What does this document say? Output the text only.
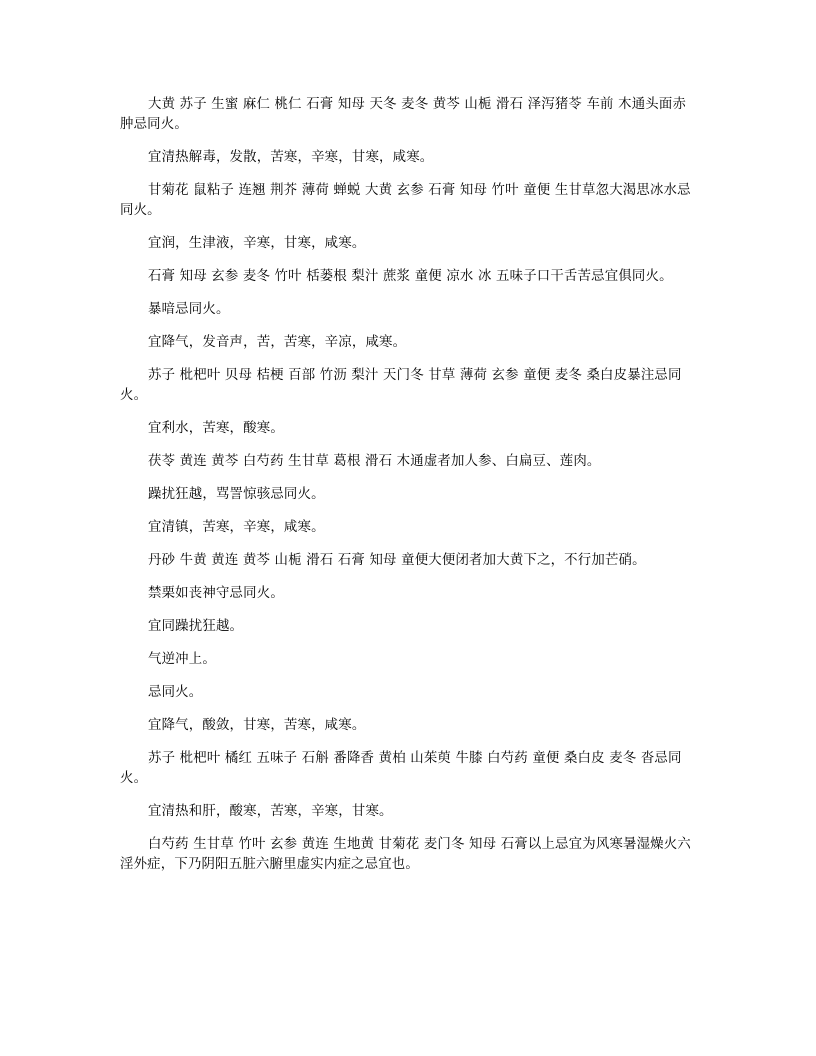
大黄 苏子 生蜜 麻仁 桃仁 石膏 知母 天冬 麦冬 黄芩 山栀 滑石 泽泻猪苓 车前 木通头面赤肿忌同火。

宜清热解毒，发散，苦寒，辛寒，甘寒，咸寒。

甘菊花 鼠粘子 连翘 荆芥 薄荷 蝉蜕 大黄 玄参 石膏 知母 竹叶 童便 生甘草忽大渴思冰水忌同火。

宜润，生津液，辛寒，甘寒，咸寒。

石膏 知母 玄参 麦冬 竹叶 栝蒌根 梨汁 蔗浆 童便 凉水 冰 五味子口干舌苦忌宜俱同火。

暴喑忌同火。

宜降气，发音声，苦，苦寒，辛凉，咸寒。

苏子 枇杷叶 贝母 桔梗 百部 竹沥 梨汁 天门冬 甘草 薄荷 玄参 童便 麦冬 桑白皮暴注忌同火。

宜利水，苦寒，酸寒。

茯苓 黄连 黄芩 白芍药 生甘草 葛根 滑石 木通虚者加人参、白扁豆、莲肉。

躁扰狂越，骂詈惊骇忌同火。

宜清镇，苦寒，辛寒，咸寒。

丹砂 牛黄 黄连 黄芩 山栀 滑石 石膏 知母 童便大便闭者加大黄下之，不行加芒硝。

禁栗如丧神守忌同火。

宜同躁扰狂越。

气逆冲上。

忌同火。

宜降气，酸敛，甘寒，苦寒，咸寒。

苏子 枇杷叶 橘红 五味子 石斛 番降香 黄柏 山茱萸 牛膝 白芍药 童便 桑白皮 麦冬 沓忌同火。

宜清热和肝，酸寒，苦寒，辛寒，甘寒。

白芍药 生甘草 竹叶 玄参 黄连 生地黄 甘菊花 麦门冬 知母 石膏以上忌宜为风寒暑湿燥火六淫外症，下乃阴阳五脏六腑里虚实内症之忌宜也。
